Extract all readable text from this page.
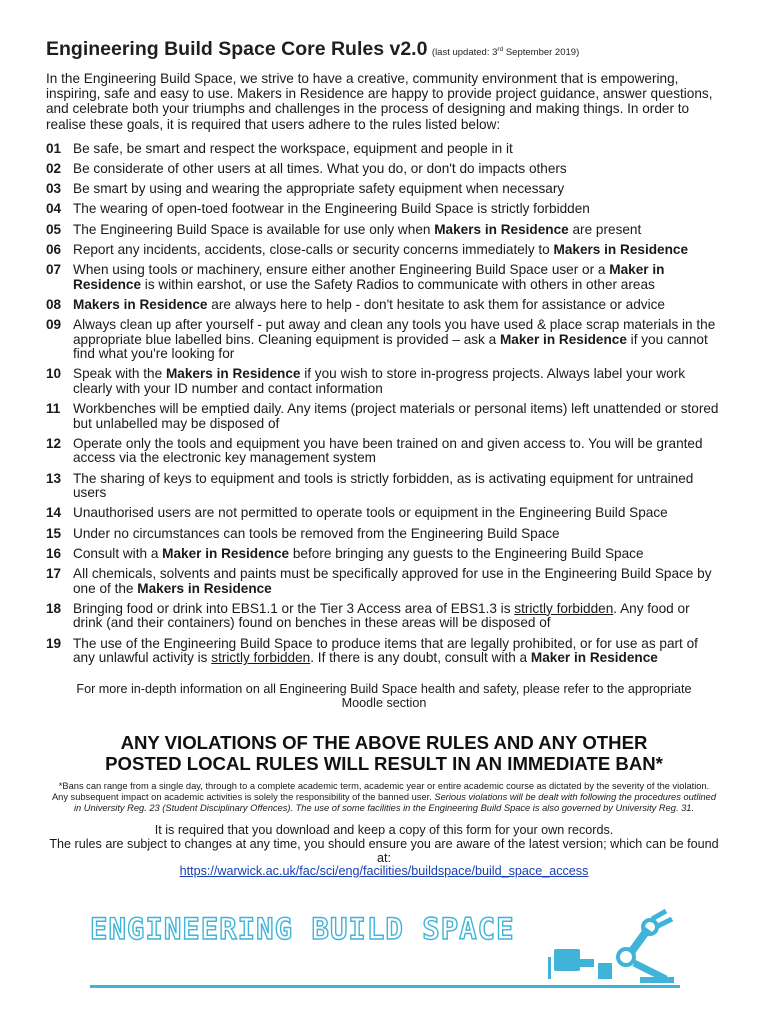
Engineering Build Space Core Rules v2.0 (last updated: 3rd September 2019)
In the Engineering Build Space, we strive to have a creative, community environment that is empowering, inspiring, safe and easy to use. Makers in Residence are happy to provide project guidance, answer questions, and celebrate both your triumphs and challenges in the process of designing and making things. In order to realise these goals, it is required that users adhere to the rules listed below:
01 Be safe, be smart and respect the workspace, equipment and people in it
02 Be considerate of other users at all times. What you do, or don't do impacts others
03 Be smart by using and wearing the appropriate safety equipment when necessary
04 The wearing of open-toed footwear in the Engineering Build Space is strictly forbidden
05 The Engineering Build Space is available for use only when Makers in Residence are present
06 Report any incidents, accidents, close-calls or security concerns immediately to Makers in Residence
07 When using tools or machinery, ensure either another Engineering Build Space user or a Maker in Residence is within earshot, or use the Safety Radios to communicate with others in other areas
08 Makers in Residence are always here to help - don't hesitate to ask them for assistance or advice
09 Always clean up after yourself - put away and clean any tools you have used & place scrap materials in the appropriate blue labelled bins. Cleaning equipment is provided – ask a Maker in Residence if you cannot find what you're looking for
10 Speak with the Makers in Residence if you wish to store in-progress projects. Always label your work clearly with your ID number and contact information
11 Workbenches will be emptied daily. Any items (project materials or personal items) left unattended or stored but unlabelled may be disposed of
12 Operate only the tools and equipment you have been trained on and given access to. You will be granted access via the electronic key management system
13 The sharing of keys to equipment and tools is strictly forbidden, as is activating equipment for untrained users
14 Unauthorised users are not permitted to operate tools or equipment in the Engineering Build Space
15 Under no circumstances can tools be removed from the Engineering Build Space
16 Consult with a Maker in Residence before bringing any guests to the Engineering Build Space
17 All chemicals, solvents and paints must be specifically approved for use in the Engineering Build Space by one of the Makers in Residence
18 Bringing food or drink into EBS1.1 or the Tier 3 Access area of EBS1.3 is strictly forbidden. Any food or drink (and their containers) found on benches in these areas will be disposed of
19 The use of the Engineering Build Space to produce items that are legally prohibited, or for use as part of any unlawful activity is strictly forbidden. If there is any doubt, consult with a Maker in Residence
For more in-depth information on all Engineering Build Space health and safety, please refer to the appropriate Moodle section
ANY VIOLATIONS OF THE ABOVE RULES AND ANY OTHER
POSTED LOCAL RULES WILL RESULT IN AN IMMEDIATE BAN*
*Bans can range from a single day, through to a complete academic term, academic year or entire academic course as dictated by the severity of the violation. Any subsequent impact on academic activities is solely the responsibility of the banned user. Serious violations will be dealt with following the procedures outlined in University Reg. 23 (Student Disciplinary Offences). The use of some facilities in the Engineering Build Space is also governed by University Reg. 31.
It is required that you download and keep a copy of this form for your own records.
The rules are subject to changes at any time, you should ensure you are aware of the latest version; which can be found at:
https://warwick.ac.uk/fac/sci/eng/facilities/buildspace/build_space_access
ENGINEERING BUILD SPACE
